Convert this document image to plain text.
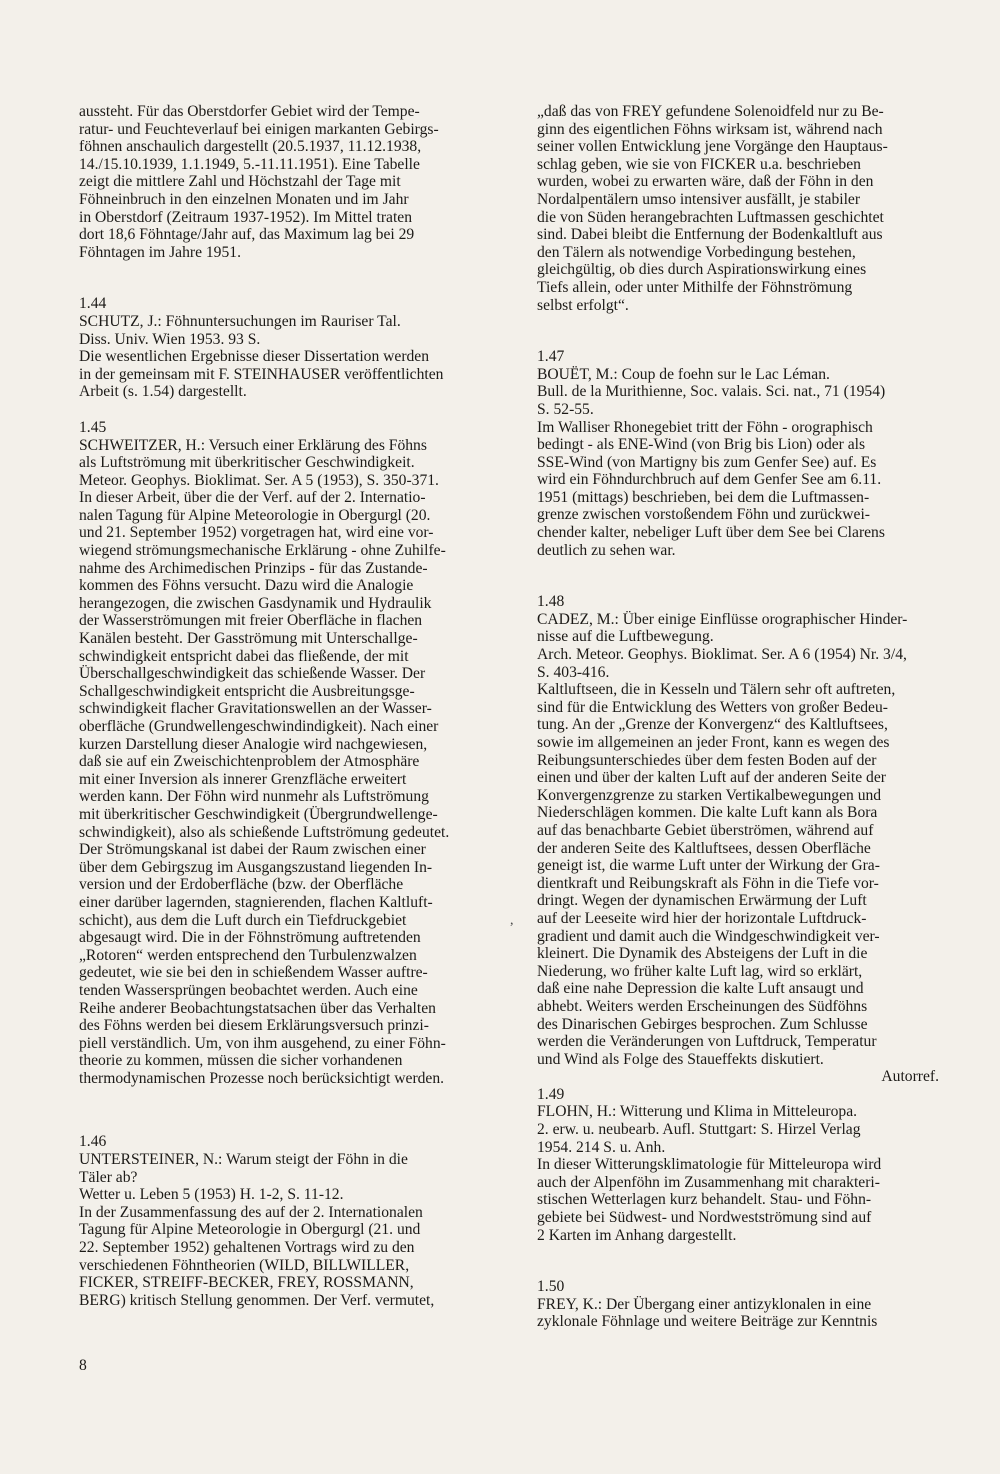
aussteht. Für das Oberstdorfer Gebiet wird der Tempe-
ratur- und Feuchteverlauf bei einigen markanten Gebirgs-
föhnen anschaulich dargestellt (20.5.1937, 11.12.1938,
14./15.10.1939, 1.1.1949, 5.-11.11.1951). Eine Tabelle
zeigt die mittlere Zahl und Höchstzahl der Tage mit
Föhneinbruch in den einzelnen Monaten und im Jahr
in Oberstdorf (Zeitraum 1937-1952). Im Mittel traten
dort 18,6 Föhntage/Jahr auf, das Maximum lag bei 29
Föhntagen im Jahre 1951.
1.44
SCHUTZ, J.: Föhnuntersuchungen im Rauriser Tal.
Diss. Univ. Wien 1953. 93 S.
Die wesentlichen Ergebnisse dieser Dissertation werden
in der gemeinsam mit F. STEINHAUSER veröffentlichten
Arbeit (s. 1.54) dargestellt.
1.45
SCHWEITZER, H.: Versuch einer Erklärung des Föhns
als Luftströmung mit überkritischer Geschwindigkeit.
Meteor. Geophys. Bioklimat. Ser. A 5 (1953), S. 350-371.
In dieser Arbeit, über die der Verf. auf der 2. Internatio-
nalen Tagung für Alpine Meteorologie in Obergurgl (20.
und 21. September 1952) vorgetragen hat, wird eine vor-
wiegend strömungsmechanische Erklärung - ohne Zuhilfe-
nahme des Archimedischen Prinzips - für das Zustande-
kommen des Föhns versucht. Dazu wird die Analogie
herangezogen, die zwischen Gasdynamik und Hydraulik
der Wasserströmungen mit freier Oberfläche in flachen
Kanälen besteht. Der Gasströmung mit Unterschallge-
schwindigkeit entspricht dabei das fließende, der mit
Überschallgeschwindigkeit das schießende Wasser. Der
Schallgeschwindigkeit entspricht die Ausbreitungsge-
schwindigkeit flacher Gravitationswellen an der Wasser-
oberfläche (Grundwellengeschwindindigkeit). Nach einer
kurzen Darstellung dieser Analogie wird nachgewiesen,
daß sie auf ein Zweischichtenproblem der Atmosphäre
mit einer Inversion als innerer Grenzfläche erweitert
werden kann. Der Föhn wird nunmehr als Luftströmung
mit überkritischer Geschwindigkeit (Übergrundwellenge-
schwindigkeit), also als schießende Luftströmung gedeutet.
Der Strömungskanal ist dabei der Raum zwischen einer
über dem Gebirgszug im Ausgangszustand liegenden In-
version und der Erdoberfläche (bzw. der Oberfläche
einer darüber lagernden, stagnierenden, flachen Kaltluft-
schicht), aus dem die Luft durch ein Tiefdruckgebiet
abgesaugt wird. Die in der Föhnströmung auftretenden
„Rotoren“ werden entsprechend den Turbulenzwalzen
gedeutet, wie sie bei den in schießendem Wasser auftre-
tenden Wassersprüngen beobachtet werden. Auch eine
Reihe anderer Beobachtungstatsachen über das Verhalten
des Föhns werden bei diesem Erklärungsversuch prinzi-
piell verständlich. Um, von ihm ausgehend, zu einer Föhn-
theorie zu kommen, müssen die sicher vorhandenen
thermodynamischen Prozesse noch berücksichtigt werden.
1.46
UNTERSTEINER, N.: Warum steigt der Föhn in die
Täler ab?
Wetter u. Leben 5 (1953) H. 1-2, S. 11-12.
In der Zusammenfassung des auf der 2. Internationalen
Tagung für Alpine Meteorologie in Obergurgl (21. und
22. September 1952) gehaltenen Vortrags wird zu den
verschiedenen Föhntheorien (WILD, BILLWILLER,
FICKER, STREIFF-BECKER, FREY, ROSSMANN,
BERG) kritisch Stellung genommen. Der Verf. vermutet,
„daß das von FREY gefundene Solenoidfeld nur zu Be-
ginn des eigentlichen Föhns wirksam ist, während nach
seiner vollen Entwicklung jene Vorgänge den Hauptaus-
schlag geben, wie sie von FICKER u.a. beschrieben
wurden, wobei zu erwarten wäre, daß der Föhn in den
Nordalpentälern umso intensiver ausfällt, je stabiler
die von Süden herangebrachten Luftmassen geschichtet
sind. Dabei bleibt die Entfernung der Bodenkaltluft aus
den Tälern als notwendige Vorbedingung bestehen,
gleichgültig, ob dies durch Aspirationswirkung eines
Tiefs allein, oder unter Mithilfe der Föhnströmung
selbst erfolgt“.
1.47
BOUËT, M.: Coup de foehn sur le Lac Léman.
Bull. de la Murithienne, Soc. valais. Sci. nat., 71 (1954)
S. 52-55.
Im Walliser Rhonegebiet tritt der Föhn - orographisch
bedingt - als ENE-Wind (von Brig bis Lion) oder als
SSE-Wind (von Martigny bis zum Genfer See) auf. Es
wird ein Föhndurchbruch auf dem Genfer See am 6.11.
1951 (mittags) beschrieben, bei dem die Luftmassen-
grenze zwischen vorstoßendem Föhn und zurückwei-
chender kalter, nebeliger Luft über dem See bei Clarens
deutlich zu sehen war.
1.48
CADEZ, M.: Über einige Einflüsse orographischer Hinder-
nisse auf die Luftbewegung.
Arch. Meteor. Geophys. Bioklimat. Ser. A 6 (1954) Nr. 3/4,
S. 403-416.
Kaltluftseen, die in Kesseln und Tälern sehr oft auftreten,
sind für die Entwicklung des Wetters von großer Bedeu-
tung. An der „Grenze der Konvergenz“ des Kaltluftsees,
sowie im allgemeinen an jeder Front, kann es wegen des
Reibungsunterschiedes über dem festen Boden auf der
einen und über der kalten Luft auf der anderen Seite der
Konvergenzgrenze zu starken Vertikalbewegungen und
Niederschlägen kommen. Die kalte Luft kann als Bora
auf das benachbarte Gebiet überströmen, während auf
der anderen Seite des Kaltluftsees, dessen Oberfläche
geneigt ist, die warme Luft unter der Wirkung der Gra-
dientkraft und Reibungskraft als Föhn in die Tiefe vor-
dringt. Wegen der dynamischen Erwärmung der Luft
auf der Leeseite wird hier der horizontale Luftdruck-
gradient und damit auch die Windgeschwindigkeit ver-
kleinert. Die Dynamik des Absteigens der Luft in die
Niederung, wo früher kalte Luft lag, wird so erklärt,
daß eine nahe Depression die kalte Luft ansaugt und
abhebt. Weiters werden Erscheinungen des Südföhns
des Dinarischen Gebirges besprochen. Zum Schlusse
werden die Veränderungen von Luftdruck, Temperatur
und Wind als Folge des Staueffekts diskutiert.
Autorref.
1.49
FLOHN, H.: Witterung und Klima in Mitteleuropa.
2. erw. u. neubearb. Aufl. Stuttgart: S. Hirzel Verlag
1954. 214 S. u. Anh.
In dieser Witterungsklimatologie für Mitteleuropa wird
auch der Alpenföhn im Zusammenhang mit charakteri-
stischen Wetterlagen kurz behandelt. Stau- und Föhn-
gebiete bei Südwest- und Nordwestströmung sind auf
2 Karten im Anhang dargestellt.
1.50
FREY, K.: Der Übergang einer antizyklonalen in eine
zyklonale Föhnlage und weitere Beiträge zur Kenntnis
,
8
